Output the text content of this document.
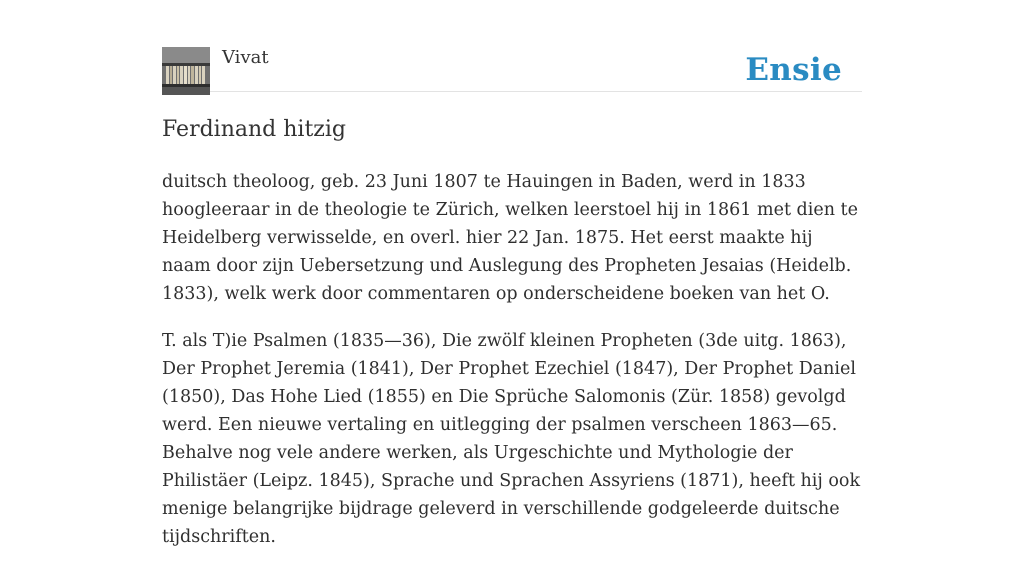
Vivat	Ensie
Ferdinand hitzig

duitsch theoloog, geb. 23 Juni 1807 te Hauingen in Baden, werd in 1833 hoogleeraar in de theologie te Zürich, welken leerstoel hij in 1861 met dien te Heidelberg verwisselde, en overl. hier 22 Jan. 1875. Het eerst maakte hij naam door zijn Uebersetzung und Auslegung des Propheten Jesaias (Heidelb. 1833), welk werk door commentaren op onderscheidene boeken van het O.

T. als T)ie Psalmen (1835—36), Die zwölf kleinen Propheten (3de uitg. 1863), Der Prophet Jeremia (1841), Der Prophet Ezechiel (1847), Der Prophet Daniel (1850), Das Hohe Lied (1855) en Die Sprüche Salomonis (Zür. 1858) gevolgd werd. Een nieuwe vertaling en uitlegging der psalmen verscheen 1863—65. Behalve nog vele andere werken, als Urgeschichte und Mythologie der Philistäer (Leipz. 1845), Sprache und Sprachen Assyriens (1871), heeft hij ook menige belangrijke bijdrage geleverd in verschillende godgeleerde duitsche tijdschriften.
